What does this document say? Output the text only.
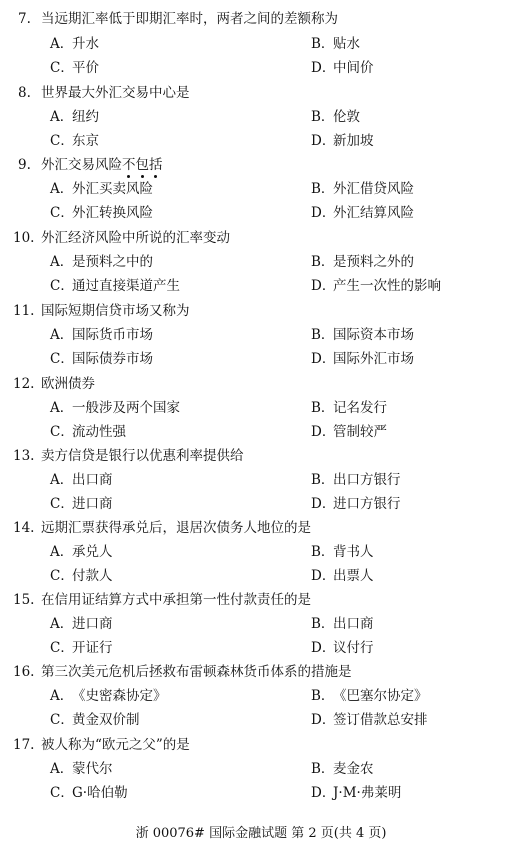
7. 当远期汇率低于即期汇率时，两者之间的差额称为
A．升水	B．贴水
C．平价	D．中间价
8. 世界最大外汇交易中心是
A．纽约	B．伦敦
C．东京	D．新加坡
9. 外汇交易风险不包括
A．外汇买卖风险	B．外汇借贷风险
C．外汇转换风险	D．外汇结算风险
10. 外汇经济风险中所说的汇率变动
A．是预料之中的	B．是预料之外的
C．通过直接渠道产生	D．产生一次性的影响
11. 国际短期信贷市场又称为
A．国际货币市场	B．国际资本市场
C．国际债券市场	D．国际外汇市场
12. 欧洲债券
A．一般涉及两个国家	B．记名发行
C．流动性强	D．管制较严
13. 卖方信贷是银行以优惠利率提供给
A．出口商	B．出口方银行
C．进口商	D．进口方银行
14. 远期汇票获得承兑后，退居次债务人地位的是
A．承兑人	B．背书人
C．付款人	D．出票人
15. 在信用证结算方式中承担第一性付款责任的是
A．进口商	B．出口商
C．开证行	D．议付行
16. 第三次美元危机后拯救布雷顿森林货币体系的措施是
A．《史密森协定》	B．《巴塞尔协定》
C．黄金双价制	D．签订借款总安排
17. 被人称为“欧元之父”的是
A．蒙代尔	B．麦金农
C．G·哈伯勒	D．J·M·弗莱明
浙 00076# 国际金融试题 第 2 页(共 4 页)
